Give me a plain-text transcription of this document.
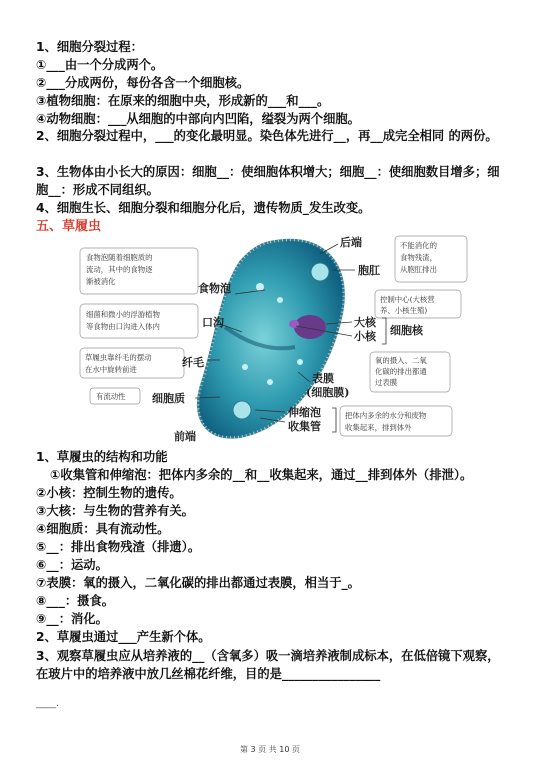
1、细胞分裂过程：
①___由一个分成两个。
②___分成两份，每份各含一个细胞核。
③植物细胞：在原来的细胞中央，形成新的___和___。
④动物细胞：___从细胞的中部向内凹陷，缢裂为两个细胞。
2、细胞分裂过程中，___的变化最明显。染色体先进行__，再__成完全相同 的两份。
3、生物体由小长大的原因：细胞__：使细胞体积增大；细胞__：使细胞数目增多；细胞__：形成不同组织。
4、细胞生长、细胞分裂和细胞分化后，遗传物质_发生改变。
五、草履虫
后端
胞肛
不能消化的
食物残渣，
从胞肛排出
食物泡随着细胞质的
流动，其中的食物逐
渐被消化
食物泡
细菌和微小的浮游植物
等食物由口沟进入体内	口沟
控制中心(大核营
养、小核生殖)
大核
小核 细胞核
草履虫靠纤毛的摆动
在水中旋转前进
纤毛
表膜
(细胞膜)
氧的摄入、二氧
化碳的排出都通
过表膜
有流动性 细胞质
伸缩泡
收集管
把体内多余的水分和废物
收集起来，排到体外
前端
1、草履虫的结构和功能
①收集管和伸缩泡：把体内多余的__和__收集起来，通过__排到体外（排泄）。
②小核：控制生物的遗传。
③大核：与生物的营养有关。
④细胞质：具有流动性。
⑤__：排出食物残渣（排遗）。
⑥__：运动。
⑦表膜：氧的摄入，二氧化碳的排出都通过表膜，相当于_。
⑧___：摄食。
⑨__：消化。
2、草履虫通过___产生新个体。
3、观察草履虫应从培养液的__（含氧多）吸一滴培养液制成标本，在低倍镜下观察，在玻片中的培养液中放几丝棉花纤维，目的是________________
____.
第 3 页 共 10 页
